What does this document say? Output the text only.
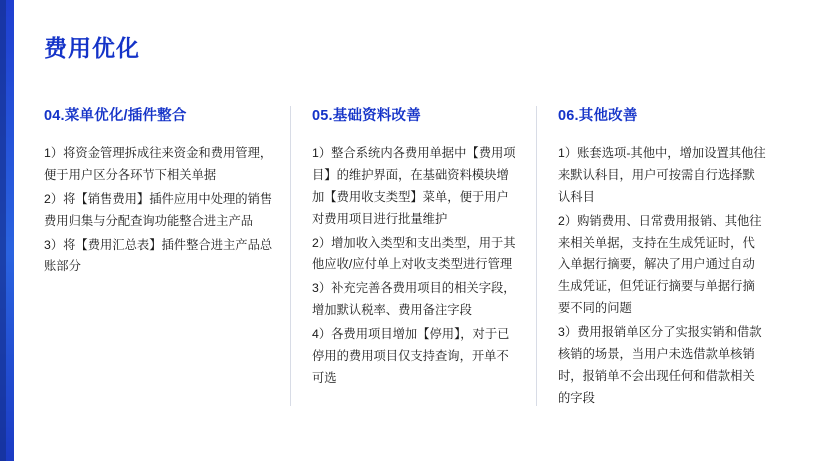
费用优化
04.菜单优化/插件整合

1）将资金管理拆成往来资金和费用管理，便于用户区分各环节下相关单据

2）将【销售费用】插件应用中处理的销售费用归集与分配查询功能整合进主产品

3）将【费用汇总表】插件整合进主产品总账部分

05.基础资料改善

1）整合系统内各费用单据中【费用项目】的维护界面，在基础资料模块增加【费用收支类型】菜单，便于用户对费用项目进行批量维护

2）增加收入类型和支出类型，用于其他应收/应付单上对收支类型进行管理

3）补充完善各费用项目的相关字段，增加默认税率、费用备注字段

4）各费用项目增加【停用】，对于已停用的费用项目仅支持查询，开单不可选

06.其他改善

1）账套选项-其他中，增加设置其他往来默认科目，用户可按需自行选择默认科目

2）购销费用、日常费用报销、其他往来相关单据，支持在生成凭证时，代入单据行摘要，解决了用户通过自动生成凭证，但凭证行摘要与单据行摘要不同的问题

3）费用报销单区分了实报实销和借款核销的场景，当用户未选借款单核销时，报销单不会出现任何和借款相关的字段
